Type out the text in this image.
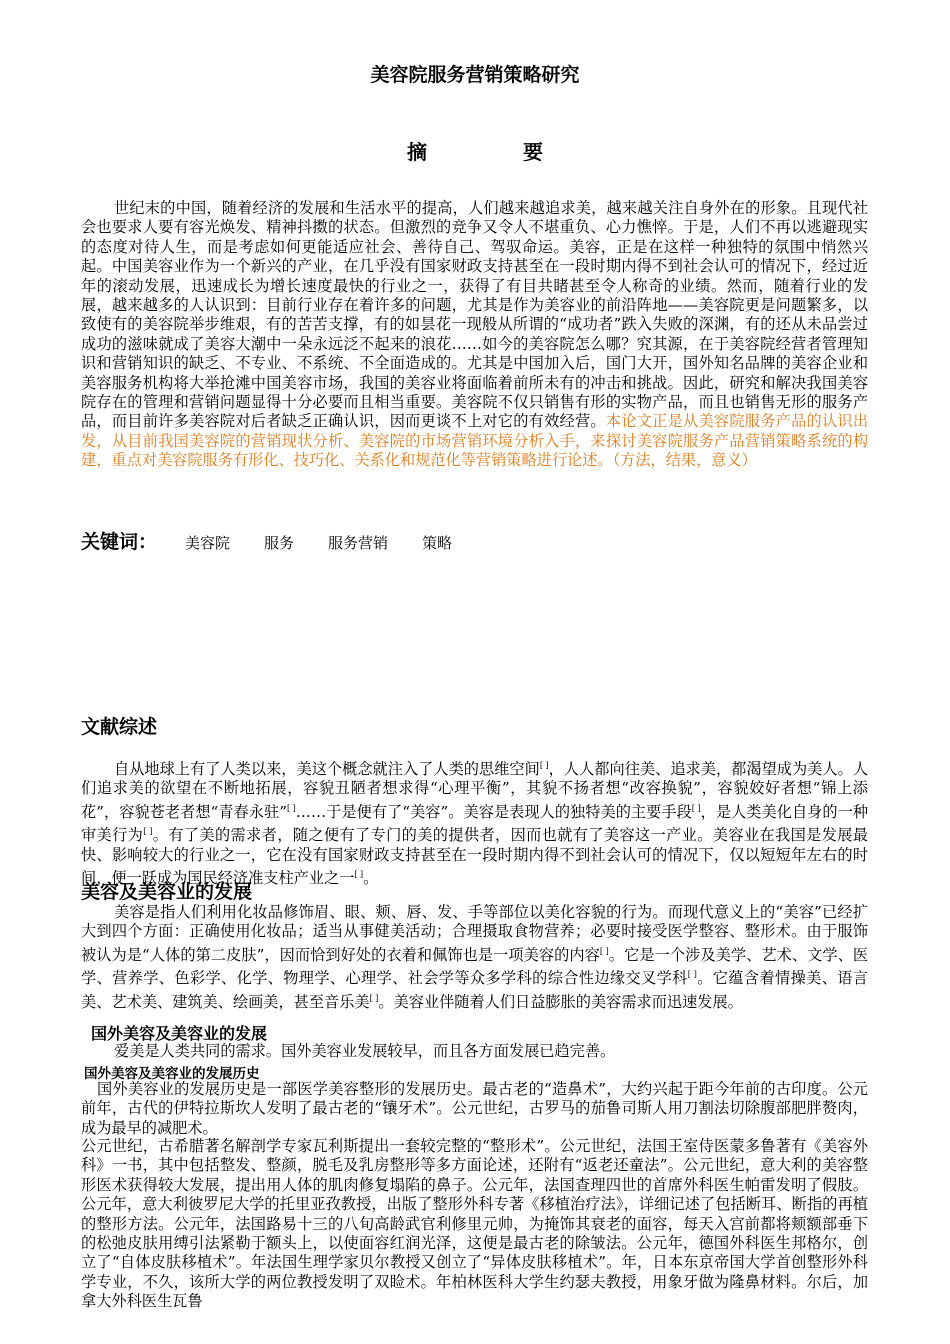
美容院服务营销策略研究
摘	要

世纪末的中国，随着经济的发展和生活水平的提高，人们越来越追求美，越来越关注自身外在的形象。且现代社会也要求人要有容光焕发、精神抖擞的状态。但激烈的竞争又令人不堪重负、心力憔悴。于是，人们不再以逃避现实的态度对待人生，而是考虑如何更能适应社会、善待自己、驾驭命运。美容，正是在这样一种独特的氛围中悄然兴起。中国美容业作为一个新兴的产业，在几乎没有国家财政支持甚至在一段时期内得不到社会认可的情况下，经过近年的滚动发展，迅速成长为增长速度最快的行业之一，获得了有目共睹甚至令人称奇的业绩。然而，随着行业的发展，越来越多的人认识到：目前行业存在着许多的问题，尤其是作为美容业的前沿阵地——美容院更是问题繁多，以致使有的美容院举步维艰，有的苦苦支撑，有的如昙花一现般从所谓的“成功者”跌入失败的深渊，有的还从未品尝过成功的滋味就成了美容大潮中一朵永远泛不起来的浪花……如今的美容院怎么哪？究其源，在于美容院经营者管理知识和营销知识的缺乏、不专业、不系统、不全面造成的。尤其是中国加入后，国门大开，国外知名品牌的美容企业和美容服务机构将大举抢滩中国美容市场，我国的美容业将面临着前所未有的冲击和挑战。因此，研究和解决我国美容院存在的管理和营销问题显得十分必要而且相当重要。美容院不仅只销售有形的实物产品，而且也销售无形的服务产品，而目前许多美容院对后者缺乏正确认识，因而更谈不上对它的有效经营。本论文正是从美容院服务产品的认识出发，从目前我国美容院的营销现状分析、美容院的市场营销环境分析入手，来探讨美容院服务产品营销策略系统的构建，重点对美容院服务有形化、技巧化、关系化和规范化等营销策略进行论述。（方法，结果，意义）

关键词： 美容院 服务 服务营销 策略
文献综述

自从地球上有了人类以来，美这个概念就注入了人类的思维空间[ ]，人人都向往美、追求美，都渴望成为美人。人们追求美的欲望在不断地拓展，容貌丑陋者想求得“心理平衡”，其貌不扬者想“改容换貌”，容貌姣好者想“锦上添花”，容貌苍老者想“青春永驻”[ ]……于是便有了“美容”。美容是表现人的独特美的主要手段[ ]，是人类美化自身的一种审美行为[ ]。有了美的需求者，随之便有了专门的美的提供者，因而也就有了美容这一产业。美容业在我国是发展最快、影响较大的行业之一，它在没有国家财政支持甚至在一段时期内得不到社会认可的情况下，仅以短短年左右的时间，便一跃成为国民经济准支柱产业之一[ ]。

美容及美容业的发展

美容是指人们利用化妆品修饰眉、眼、颊、唇、发、手等部位以美化容貌的行为。而现代意义上的“美容”已经扩大到四个方面：正确使用化妆品；适当从事健美活动；合理摄取食物营养；必要时接受医学整容、整形术。由于服饰被认为是“人体的第二皮肤”，因而恰到好处的衣着和佩饰也是一项美容的内容[ ]。它是一个涉及美学、艺术、文学、医学、营养学、色彩学、化学、物理学、心理学、社会学等众多学科的综合性边缘交叉学科[ ]。它蕴含着情操美、语言美、艺术美、建筑美、绘画美，甚至音乐美[ ]。美容业伴随着人们日益膨胀的美容需求而迅速发展。

国外美容及美容业的发展

爱美是人类共同的需求。国外美容业发展较早，而且各方面发展已趋完善。

国外美容及美容业的发展历史

国外美容业的发展历史是一部医学美容整形的发展历史。最古老的“造鼻术”，大约兴起于距今年前的古印度。公元前年，古代的伊特拉斯坎人发明了最古老的“镶牙术”。公元世纪，古罗马的茄鲁司斯人用刀割法切除腹部肥胖赘肉，成为最早的减肥术。

公元世纪，古希腊著名解剖学专家瓦利斯提出一套较完整的“整形术”。公元世纪，法国王室侍医蒙多鲁著有《美容外科》一书，其中包括整发、整颜，脱毛及乳房整形等多方面论述，还附有“返老还童法”。公元世纪，意大利的美容整形医术获得较大发展，提出用人体的肌肉修复塌陷的鼻子。公元年，法国查理四世的首席外科医生帕雷发明了假肢。公元年，意大利彼罗尼大学的托里亚孜教授，出版了整形外科专著《移植治疗法》，详细记述了包括断耳、断指的再植的整形方法。公元年，法国路易十三的八旬高龄武官利修里元帅，为掩饰其衰老的面容，每天入宫前都将颊额部垂下的松弛皮肤用缚引法紧勒于额头上，以使面容红润光泽，这便是最古老的除皱法。公元年，德国外科医生邦格尔，创立了“自体皮肤移植术”。年法国生理学家贝尔教授又创立了“异体皮肤移植术”。年，日本东京帝国大学首创整形外科学专业，不久，该所大学的两位教授发明了双睑术。年柏林医科大学生约瑟夫教授，用象牙做为隆鼻材料。尔后，加拿大外科医生瓦鲁
